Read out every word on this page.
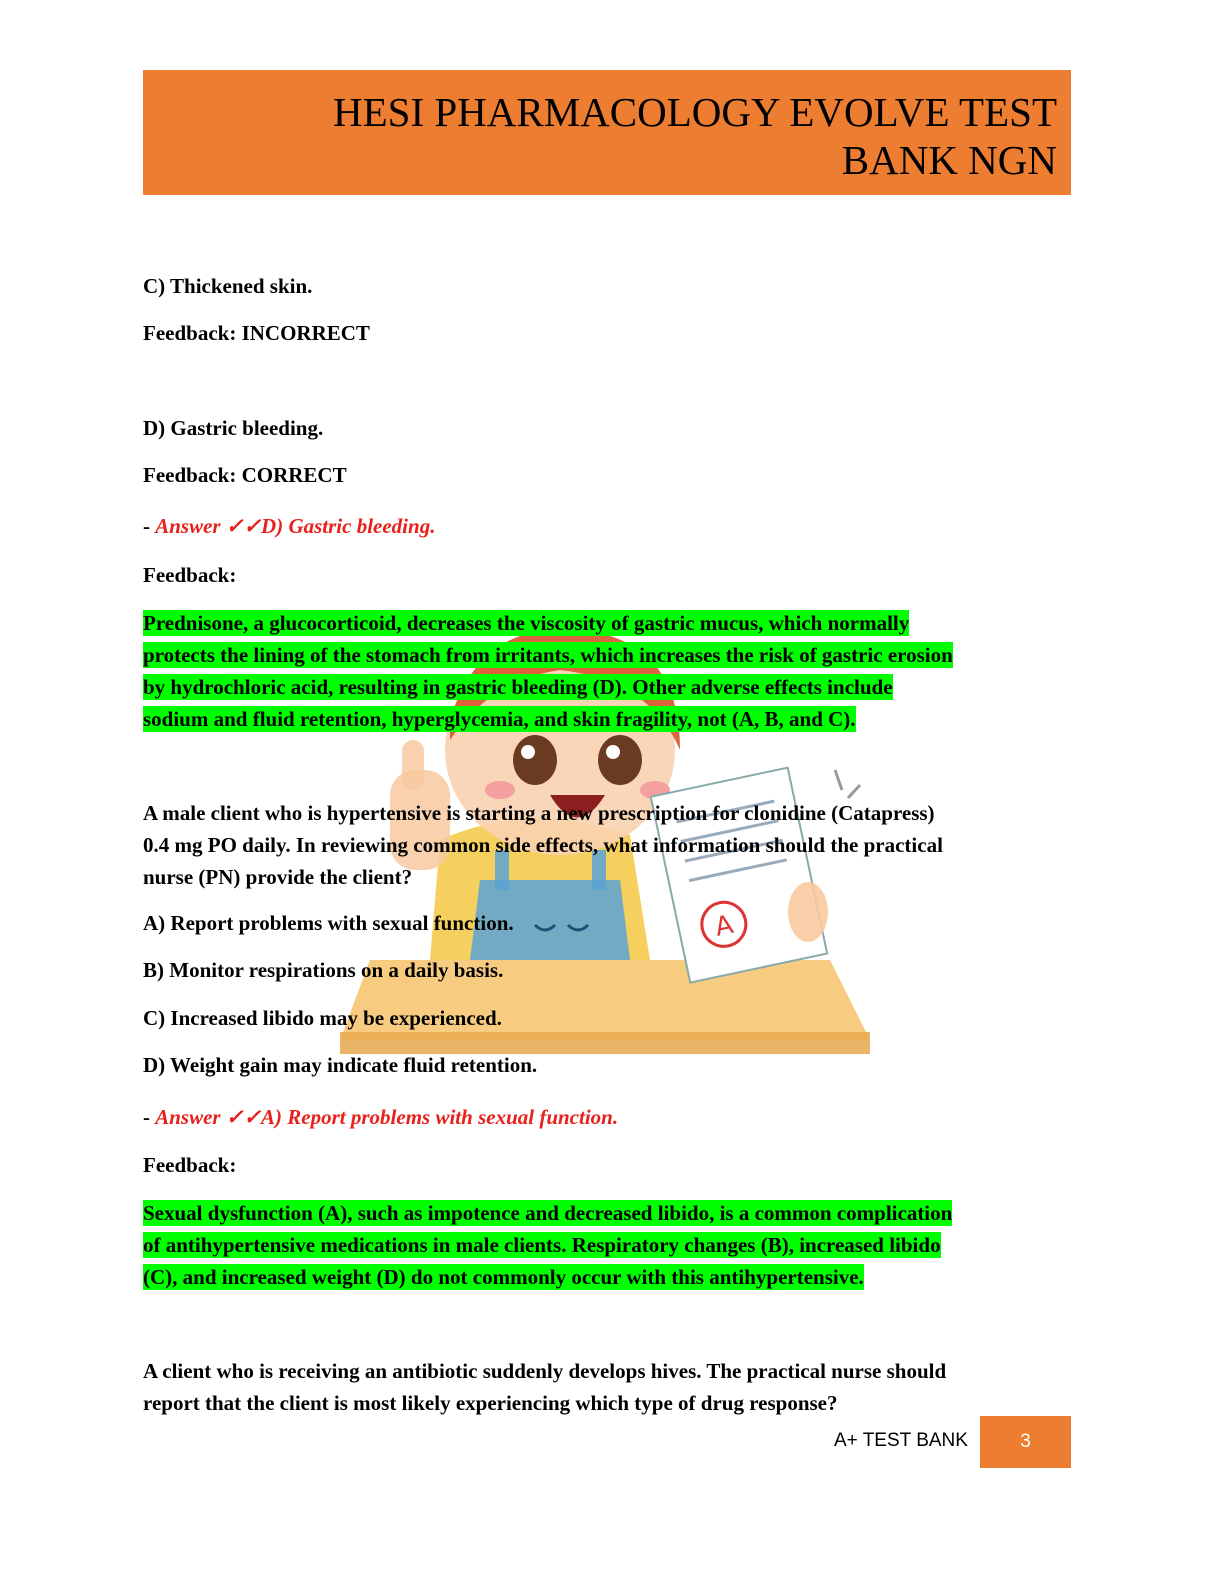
HESI PHARMACOLOGY EVOLVE TEST
BANK NGN
A
C) Thickened skin.
Feedback: INCORRECT
D) Gastric bleeding.
Feedback: CORRECT
- Answer ✓✓D) Gastric bleeding.
Feedback:
Prednisone, a glucocorticoid, decreases the viscosity of gastric mucus, which normally
protects the lining of the stomach from irritants, which increases the risk of gastric erosion
by hydrochloric acid, resulting in gastric bleeding (D). Other adverse effects include
sodium and fluid retention, hyperglycemia, and skin fragility, not (A, B, and C).
A male client who is hypertensive is starting a new prescription for clonidine (Catapress)
0.4 mg PO daily. In reviewing common side effects, what information should the practical
nurse (PN) provide the client?
A) Report problems with sexual function.
B) Monitor respirations on a daily basis.
C) Increased libido may be experienced.
D) Weight gain may indicate fluid retention.
- Answer ✓✓A) Report problems with sexual function.
Feedback:
Sexual dysfunction (A), such as impotence and decreased libido, is a common complication
of antihypertensive medications in male clients. Respiratory changes (B), increased libido
(C), and increased weight (D) do not commonly occur with this antihypertensive.
A client who is receiving an antibiotic suddenly develops hives. The practical nurse should
report that the client is most likely experiencing which type of drug response?
A+ TEST BANK	3
